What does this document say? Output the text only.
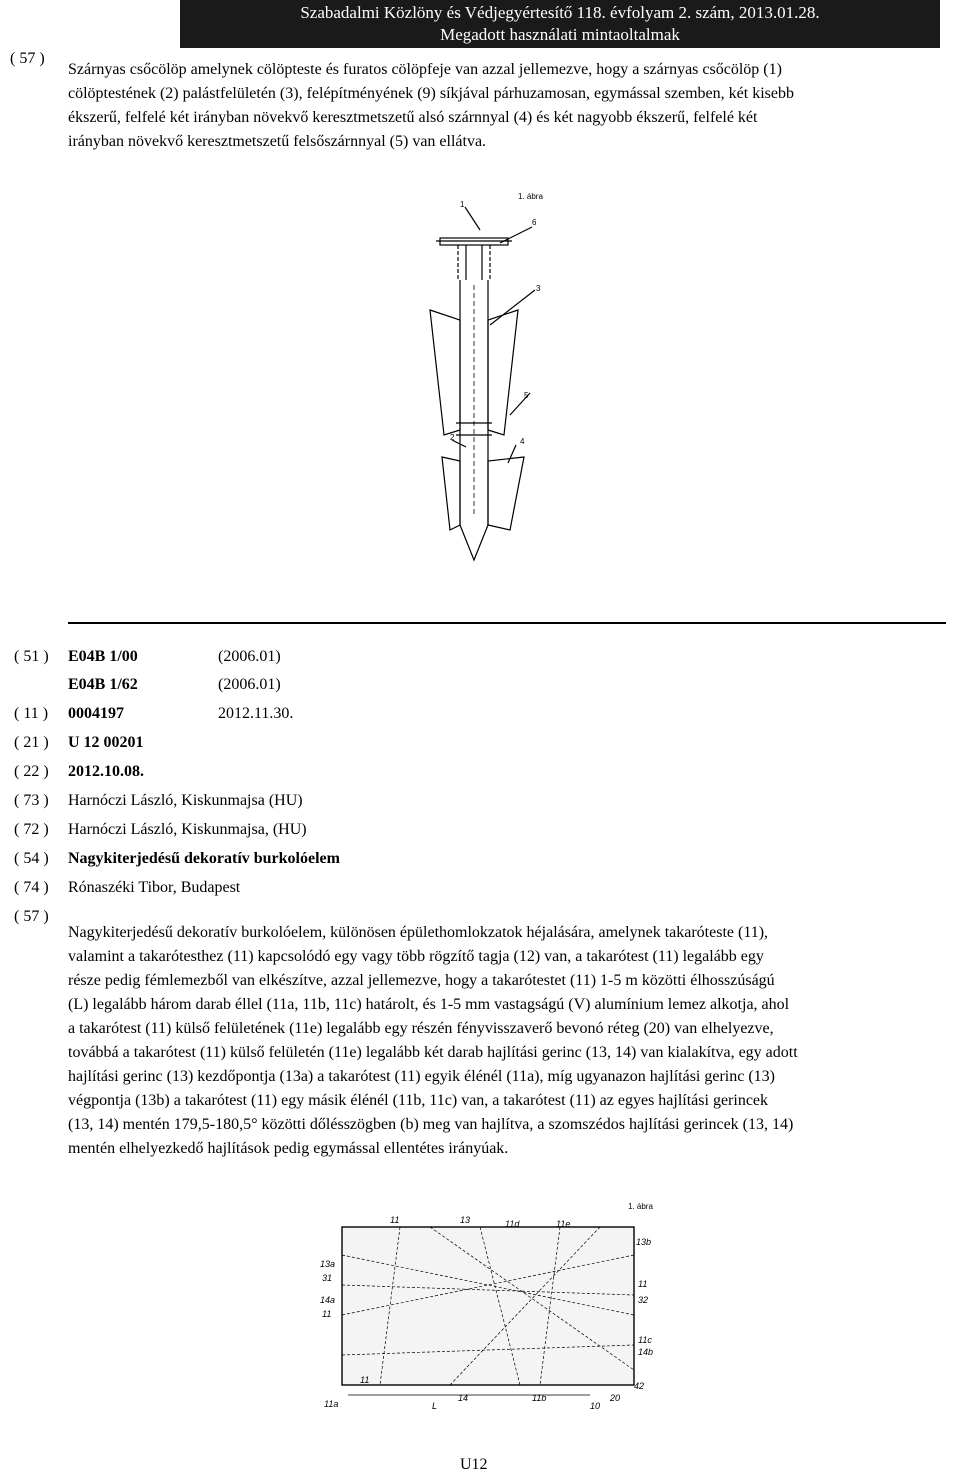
Szabadalmi Közlöny és Védjegyértesítő 118. évfolyam 2. szám, 2013.01.28.
Megadott használati mintaoltalmak
( 57 )
Szárnyas csőcölöp amelynek cölöpteste és furatos cölöpfeje van azzal jellemezve, hogy a szárnyas csőcölöp (1)
cölöptestének (2) palástfelületén (3), felépítményének (9) síkjával párhuzamosan, egymással szemben, két kisebb
ékszerű, felfelé két irányban növekvő keresztmetszetű alsó szárnnyal (4) és két nagyobb ékszerű, felfelé két
irányban növekvő keresztmetszetű felsőszárnnyal (5) van ellátva.
1. ábra
1
6
3
5
2	4
( 51 ) E04B 1/00	(2006.01)
E04B 1/62	(2006.01)
( 11 ) 0004197	2012.11.30.
( 21 ) U 12 00201
( 22 ) 2012.10.08.
( 73 ) Harnóczi László, Kiskunmajsa (HU)
( 72 ) Harnóczi László, Kiskunmajsa, (HU)
( 54 ) Nagykiterjedésű dekoratív burkolóelem
( 74 ) Rónaszéki Tibor, Budapest
( 57 )
Nagykiterjedésű dekoratív burkolóelem, különösen épülethomlokzatok héjalására, amelynek takaróteste (11),
valamint a takarótesthez (11) kapcsolódó egy vagy több rögzítő tagja (12) van, a takarótest (11) legalább egy
része pedig fémlemezből van elkészítve, azzal jellemezve, hogy a takarótestet (11) 1-5 m közötti élhosszúságú
(L) legalább három darab éllel (11a, 11b, 11c) határolt, és 1-5 mm vastagságú (V) alumínium lemez alkotja, ahol
a takarótest (11) külső felületének (11e) legalább egy részén fényvisszaverő bevonó réteg (20) van elhelyezve,
továbbá a takarótest (11) külső felületén (11e) legalább két darab hajlítási gerinc (13, 14) van kialakítva, egy adott
hajlítási gerinc (13) kezdőpontja (13a) a takarótest (11) egyik élénél (11a), míg ugyanazon hajlítási gerinc (13)
végpontja (13b) a takarótest (11) egy másik élénél (11b, 11c) van, a takarótest (11) az egyes hajlítási gerincek
(13, 14) mentén 179,5-180,5° közötti dőlésszögben (b) meg van hajlítva, a szomszédos hajlítási gerincek (13, 14)
mentén elhelyezkedő hajlítások pedig egymással ellentétes irányúak.
1. ábra
11	13	11d	11e
13a
31
14a
11
13b
11
32
11c
14b
11
14	11b	20
42
11a	L	10
U12
